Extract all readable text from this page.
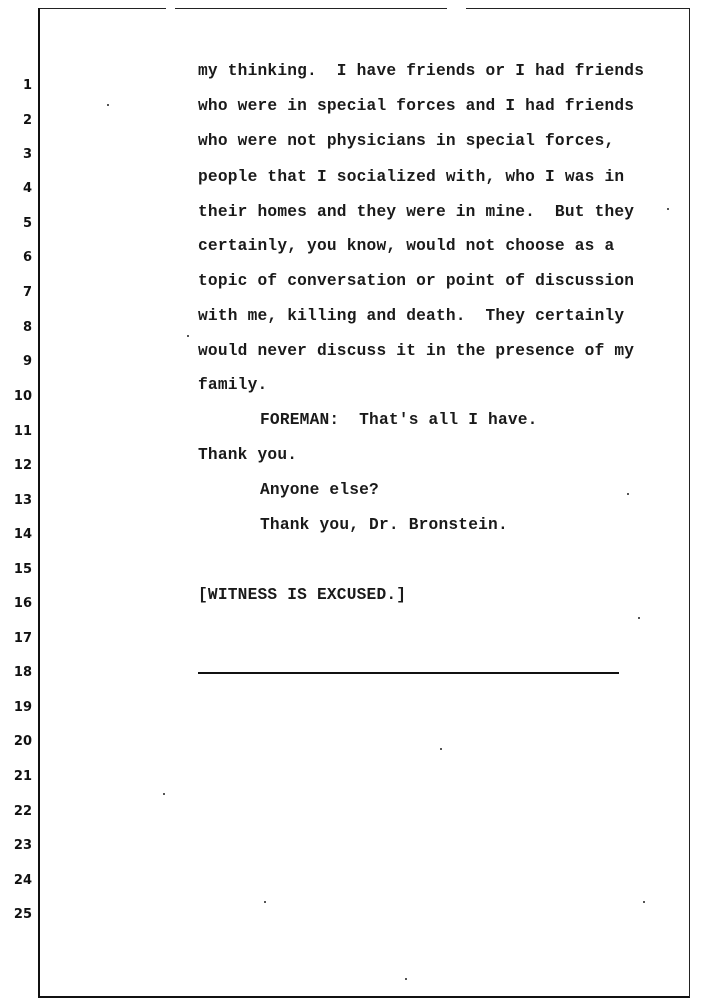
1
2
3
4
5
6
7
8
9
10
11
12
13
14
15
16
17
18
19
20
21
22
23
24
25
my thinking.  I have friends or I had friends
who were in special forces and I had friends
who were not physicians in special forces,
people that I socialized with, who I was in
their homes and they were in mine.  But they
certainly, you know, would not choose as a
topic of conversation or point of discussion
with me, killing and death.  They certainly
would never discuss it in the presence of my
family.
FOREMAN:  That's all I have.
Thank you.
Anyone else?
Thank you, Dr. Bronstein.
[WITNESS IS EXCUSED.]
